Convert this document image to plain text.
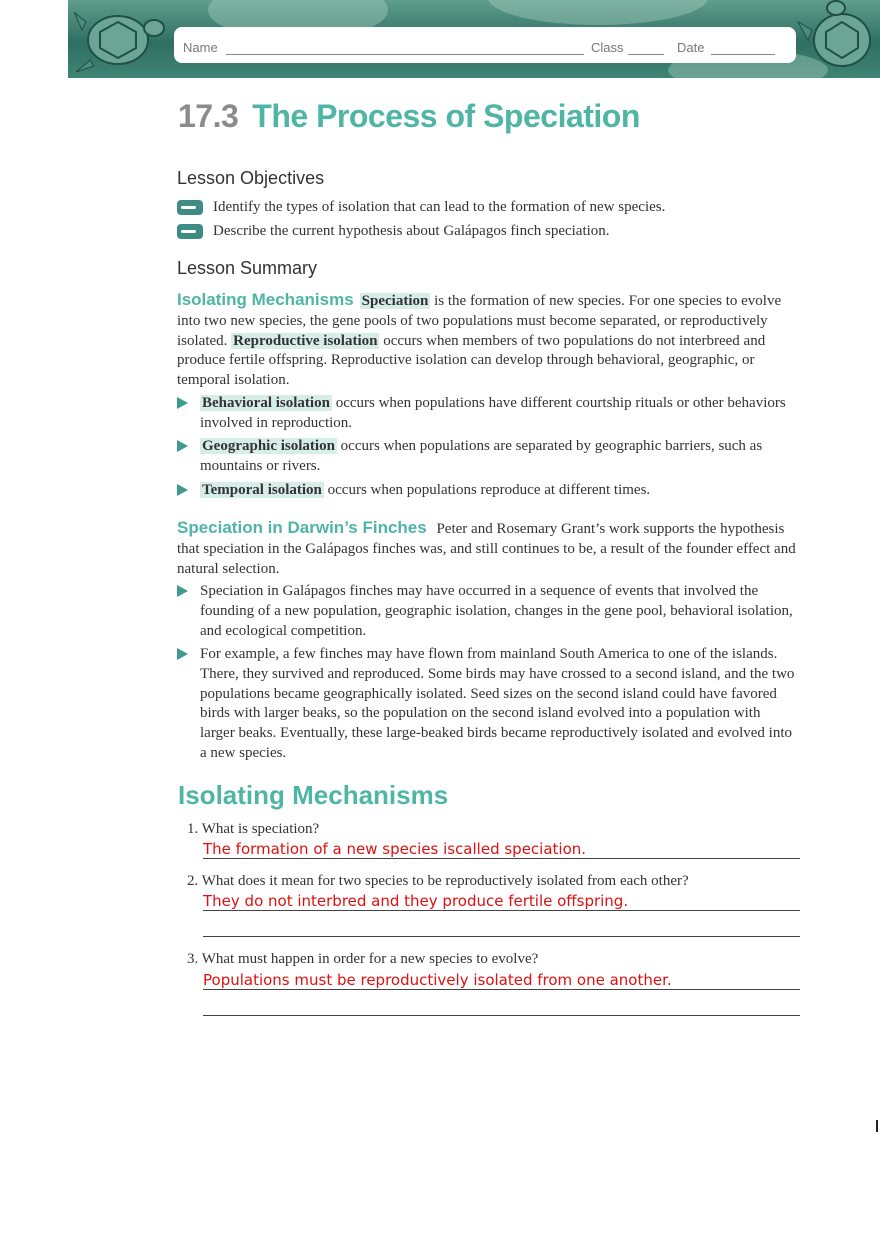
Name	Class	Date
17.3 The Process of Speciation
Lesson Objectives
Identify the types of isolation that can lead to the formation of new species.
Describe the current hypothesis about Galápagos finch speciation.
Lesson Summary

Isolating Mechanisms Speciation is the formation of new species. For one species to evolve into two new species, the gene pools of two populations must become separated, or reproductively isolated. Reproductive isolation occurs when members of two populations do not interbreed and produce fertile offspring. Reproductive isolation can develop through behavioral, geographic, or temporal isolation.

Behavioral isolation occurs when populations have different courtship rituals or other behaviors involved in reproduction.

Geographic isolation occurs when populations are separated by geographic barriers, such as mountains or rivers.

Temporal isolation occurs when populations reproduce at different times.

Speciation in Darwin’s Finches Peter and Rosemary Grant’s work supports the hypothesis that speciation in the Galápagos finches was, and still continues to be, a result of the founder effect and natural selection.

Speciation in Galápagos finches may have occurred in a sequence of events that involved the founding of a new population, geographic isolation, changes in the gene pool, behavioral isolation, and ecological competition.

For example, a few finches may have flown from mainland South America to one of the islands. There, they survived and reproduced. Some birds may have crossed to a second island, and the two populations became geographically isolated. Seed sizes on the second island could have favored birds with larger beaks, so the population on the second island evolved into a population with larger beaks. Eventually, these large-beaked birds became reproductively isolated and evolved into a new species.

Isolating Mechanisms
1. What is speciation?
The formation of a new species iscalled speciation.
2. What does it mean for two species to be reproductively isolated from each other?
They do not interbred and they produce fertile offspring.
3. What must happen in order for a new species to evolve?
Populations must be reproductively isolated from one another.
